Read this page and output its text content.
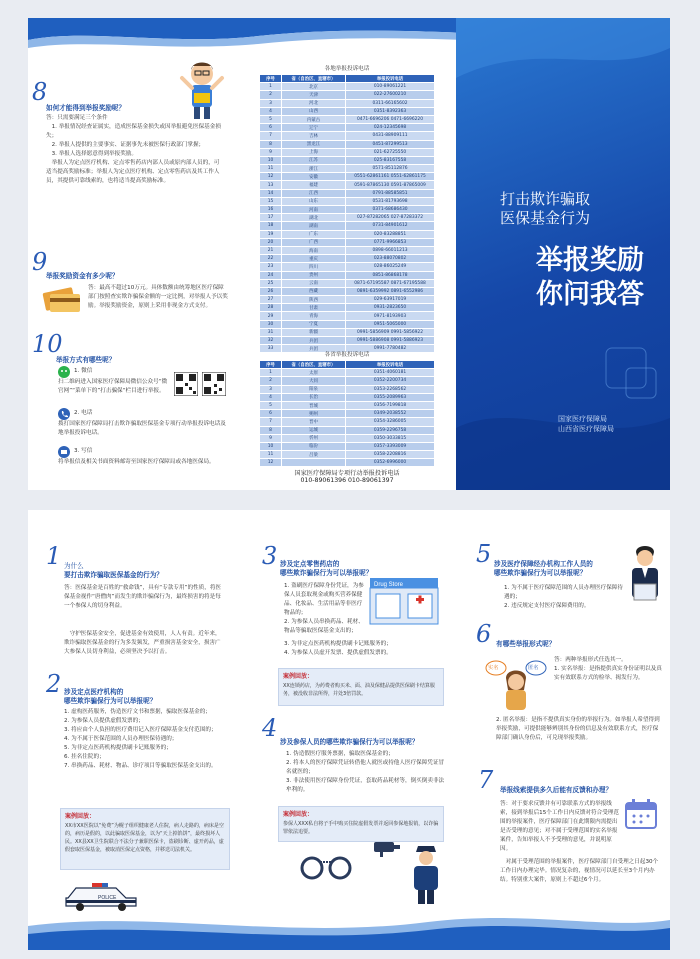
8
如何才能得到举报奖励呢？

答：只需要满足三个条件

1. 举报情况经查证属实，造成医保基金损失或因举报避免医保基金损失；

2. 举报人提供的主要事实、证据事先未被医保行政部门掌握；

3. 举报人选择愿意得到举报奖励。

举报人为定点医疗机构、定点零售药店内部人员或原内部人员的，可适当提高奖励标准；举报人为定点医疗机构、定点零售药店及其工作人员，其提供可靠线索的，也将适当提高奖励标准。

9
举报奖励资金有多少呢？

答：最高不超过10万元。具体数额由统筹地区医疗保障部门按照查实欺诈骗保金额的一定比例，对举报人予以奖励。举报奖励资金，原则上采用非现金方式支付。

10
举报方式有哪些呢？

1. 微信

扫二维码进入国家医疗保障局微信公众号“微官网”“菜单下的”打击骗保“栏目进行举报。

2. 电话

拨打国家医疗保障局打击欺诈骗取医保基金专项行动举报投诉电话及地举报投诉电话。

3. 写信

将举报信及相关书面资料邮寄至国家医疗保障局或各地医保局。

各地举报投诉电话
序号	省（自治区、直辖市）	举报投诉电话
1	北京	010-89061221
2	天津	022-27600210
3	河北	0311-66165602
4	山西	0351-8392363
5	内蒙古	0471-6696206 0471-6696220
6	辽宁	024-12345698
7	吉林	0431-88909111
8	黑龙江	0451-87299513
9	上海	021-62725550
10	江苏	025-83167558
11	浙江	0571-85112876
12	安徽	0551-62861161 0551-62861175
13	福建	0591-87865130 0591-87865009
14	江西	0791-88585851
15	山东	0531-81793698
16	河南	0371-68686430
17	湖北	027-87282065 027-87283372
18	湖南	0731-84901612
19	广东	020-83288851
20	广西	0771-9966853
21	海南	0898-66011213
22	重庆	023-88070802
23	四川	028-86025249
24	贵州	0851-86868178
25	云南	0871-67195587 0871-67195588
26	西藏	0891-6359992 0891-6552986
27	陕西	029-63917019
28	甘肃	0931-2823650
29	青海	0971-8193903
30	宁夏	0951-5065000
31	新疆	0991-5856909 0991-5856922
32	兵团	0991-5886908 0991-5886923
33	兵团	0991-7780482
各省举报投诉电话
序号	省（自治区、直辖市）	举报投诉电话
1	太原	0351-4060181
2	大同	0352-2200734
3	阳泉	0353-2268562
4	长治	0355-2089963
5	晋城	0356-7199818
6	朔州	0349-2038552
7	晋中	0354-3286005
8	运城	0359-2296758
9	忻州	0350-3033815
10	临汾	0357-3393009
11	吕梁	0358-2208816
12		0352-6996000
国家医疗保障局专项行动举报投诉电话
010-89061396 010-89061397
打击欺诈骗取
医保基金行为
举报奖励
你问我答
国家医疗保障局
山西省医疗保障局
1 为什么
要打击欺诈骗取医保基金的行为？

答：医保基金是百姓的“救命钱”，具有“专款专用”的性质，将医保基金视作“唐僧肉”而发生的欺诈骗保行为，最终损害的将是每一个参保人的切身利益。

守护医保基金安全，促进基金有效使用，人人有责。近年来，欺诈骗取医保基金的行为多发频发，严重损害基金安全，损害广大参保人员切身利益，必须坚决予以打击。

2 涉及定点医疗机构的
哪些欺诈骗保行为可以举报呢？

1. 虚构医药服务，伪造医疗文书和票据，骗取医保基金的；

2. 为参保人员提供虚假发票的；

3. 将应由个人负担的医疗费用记入医疗保障基金支付范围的；

4. 为不属于医保范围的人员办理医保待遇的；

5. 为非定点医药机构提供刷卡记账服务的；

6. 挂名住院的；

7. 串换药品、耗材、物品、诊疗项目等骗取医保基金支出的。

案例回放：

XX市XX医院以“免费”为幌子组织健康老人住院，病人走路的，病床是空的，病历是假的，以此骗取医保基金，以为“天上掉馅饼”，最终损坏人民。XX县XX卫生院联合不法分子兼职医保卡，盗刷诊断、虚开药品，虚假套取医保基金，被取消医保定点资格，并移送司法机关。

POLICE
3 涉及定点零售药店的
哪些欺诈骗保行为可以举报呢？

1. 盗刷医疗保障身份凭证，为参保人员套取现金或购买营养保健品、化妆品、生活用品等非医疗物品的；

2. 为参保人员串换药品、耗材、物品等骗取医保基金支出的；

Drug Store

3. 为非定点医药机构提供刷卡记账服务的；

4. 为参保人员虚开发票、提供虚假发票的。

案例回放：

XX连锁药店，为药费者购买米、面、油及保健品提供医保刷卡结算服务，被没收非法所得，并处3倍罚款。

4 涉及参保人员的哪些欺诈骗保行为可以举报呢？

1. 伪造假医疗服务票据，骗取医保基金的；

2. 将本人的医疗保障凭证转借他人就医或持他人医疗保障凭证冒名就医的；

3. 非法使用医疗保障身份凭证，套取药品耗材等，倒买倒卖非法牟利的。

案例回放：

参保人XXX私自将子手中购买住院虚假发票并返回参保地报销，以诈骗罪依法追要。

5 涉及医疗保障经办机构工作人员的
哪些欺诈骗保行为可以举报呢？

1. 为不属于医疗保障范围的人员办理医疗保障待遇的；

2. 违反规定支付医疗保障费用的。

6 有哪些举报形式呢？
实名	匿名

答：两种举报形式任选其一。

1. 实名举报：是指提供真实身份证明以及真实有效联系方式的检举、揭发行为。

2. 匿名举报：是指不提供真实身份的举报行为。如举报人希望得到举报奖励，可提供能够辨别其身份的信息及有效联系方式，医疗保障部门确认身份后，可兑现举报奖励。

7 举报线索提供多久后能有反馈和办理？

答：对于要求反馈并有可靠联系方式的举报线索，接到举报后15个工作日内反馈对符合受理范围的举报案件，医疗保障部门在此期限内需提出是否受理的意见；对不属于受理范围的实名举报案件，告知举报人不予受理的意见，并说明原因。

对属于受理范围的举报案件，医疗保障部门自受理之日起30个工作日内办理完毕。情况复杂的，视情况可以延长至3个月内办结。特别重大案件，原则上不超过6个月。
